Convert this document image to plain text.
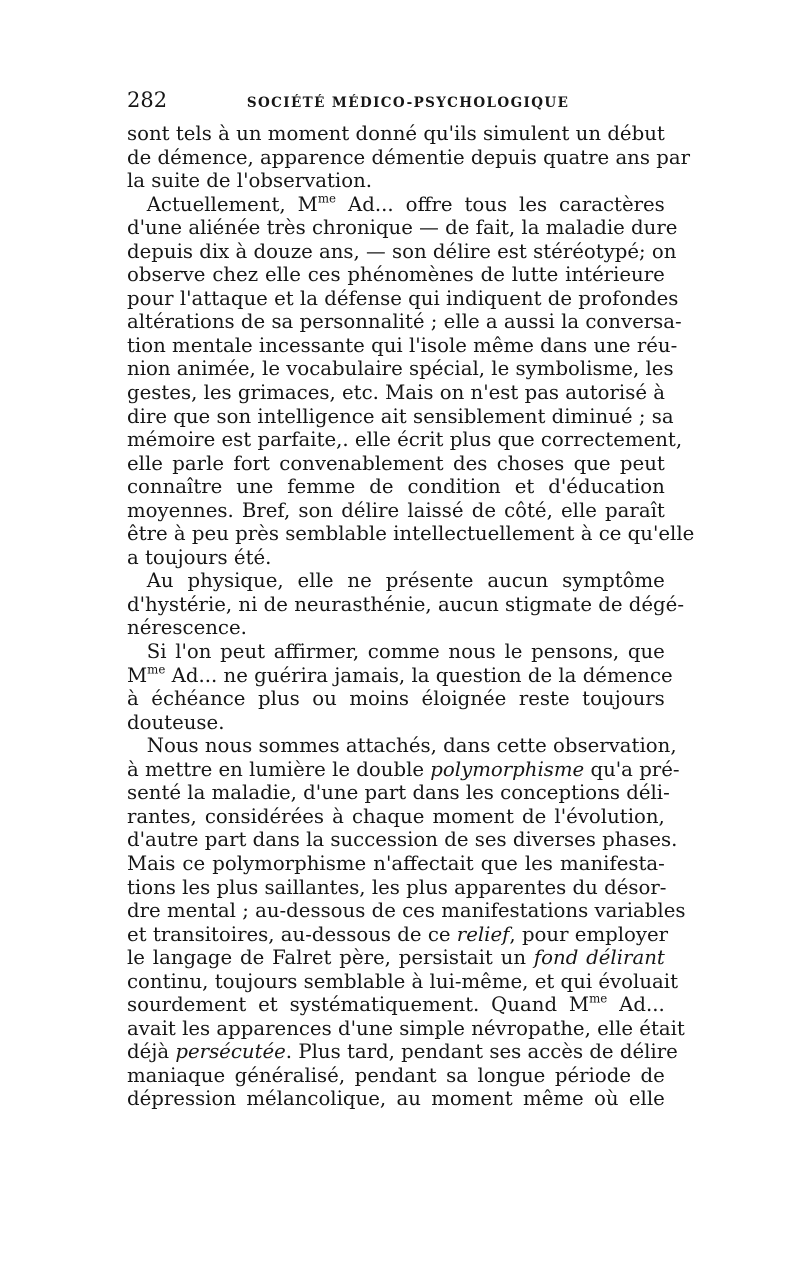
282	SOCIÉTÉ MÉDICO-PSYCHOLOGIQUE
sont tels à un moment donné qu'ils simulent un début
de démence, apparence démentie depuis quatre ans par
la suite de l'observation.
Actuellement, $M^{me}$ Ad... offre tous les caractères
d'une aliénée très chronique — de fait, la maladie dure
depuis dix à douze ans, — son délire est stéréotypé; on
observe chez elle ces phénomènes de lutte intérieure
pour l'attaque et la défense qui indiquent de profondes
altérations de sa personnalité ; elle a aussi la conversa-
tion mentale incessante qui l'isole même dans une réu-
nion animée, le vocabulaire spécial, le symbolisme, les
gestes, les grimaces, etc. Mais on n'est pas autorisé à
dire que son intelligence ait sensiblement diminué ; sa
mémoire est parfaite,. elle écrit plus que correctement,
elle parle fort convenablement des choses que peut
connaître une femme de condition et d'éducation
moyennes. Bref, son délire laissé de côté, elle paraît
être à peu près semblable intellectuellement à ce qu'elle
a toujours été.
Au physique, elle ne présente aucun symptôme
d'hystérie, ni de neurasthénie, aucun stigmate de dégé-
nérescence.
Si l'on peut affirmer, comme nous le pensons, que
$M^{me}$ Ad... ne guérira jamais, la question de la démence
à échéance plus ou moins éloignée reste toujours
douteuse.
Nous nous sommes attachés, dans cette observation,
à mettre en lumière le double polymorphisme qu'a pré-
senté la maladie, d'une part dans les conceptions déli-
rantes, considérées à chaque moment de l'évolution,
d'autre part dans la succession de ses diverses phases.
Mais ce polymorphisme n'affectait que les manifesta-
tions les plus saillantes, les plus apparentes du désor-
dre mental ; au-dessous de ces manifestations variables
et transitoires, au-dessous de ce relief, pour employer
le langage de Falret père, persistait un fond délirant
continu, toujours semblable à lui-même, et qui évoluait
sourdement et systématiquement. Quand $M^{me}$ Ad...
avait les apparences d'une simple névropathe, elle était
déjà persécutée. Plus tard, pendant ses accès de délire
maniaque généralisé, pendant sa longue période de
dépression mélancolique, au moment même où elle
